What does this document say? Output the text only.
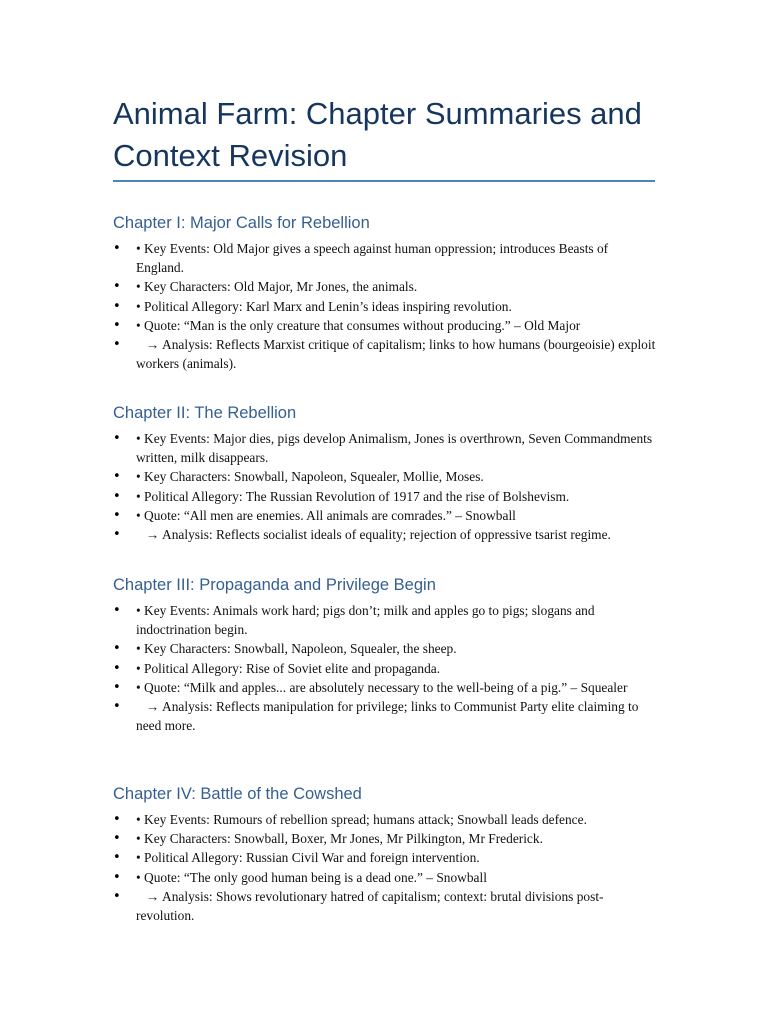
Animal Farm: Chapter Summaries and Context Revision
Chapter I: Major Calls for Rebellion
• • Key Events: Old Major gives a speech against human oppression; introduces Beasts of England.
• • Key Characters: Old Major, Mr Jones, the animals.
• • Political Allegory: Karl Marx and Lenin’s ideas inspiring revolution.
• • Quote: “Man is the only creature that consumes without producing.” – Old Major
• → Analysis: Reflects Marxist critique of capitalism; links to how humans (bourgeoisie) exploit workers (animals).
Chapter II: The Rebellion
• • Key Events: Major dies, pigs develop Animalism, Jones is overthrown, Seven Commandments written, milk disappears.
• • Key Characters: Snowball, Napoleon, Squealer, Mollie, Moses.
• • Political Allegory: The Russian Revolution of 1917 and the rise of Bolshevism.
• • Quote: “All men are enemies. All animals are comrades.” – Snowball
• → Analysis: Reflects socialist ideals of equality; rejection of oppressive tsarist regime.
Chapter III: Propaganda and Privilege Begin
• • Key Events: Animals work hard; pigs don’t; milk and apples go to pigs; slogans and indoctrination begin.
• • Key Characters: Snowball, Napoleon, Squealer, the sheep.
• • Political Allegory: Rise of Soviet elite and propaganda.
• • Quote: “Milk and apples... are absolutely necessary to the well-being of a pig.” – Squealer
• → Analysis: Reflects manipulation for privilege; links to Communist Party elite claiming to need more.
Chapter IV: Battle of the Cowshed
• • Key Events: Rumours of rebellion spread; humans attack; Snowball leads defence.
• • Key Characters: Snowball, Boxer, Mr Jones, Mr Pilkington, Mr Frederick.
• • Political Allegory: Russian Civil War and foreign intervention.
• • Quote: “The only good human being is a dead one.” – Snowball
• → Analysis: Shows revolutionary hatred of capitalism; context: brutal divisions post-revolution.
